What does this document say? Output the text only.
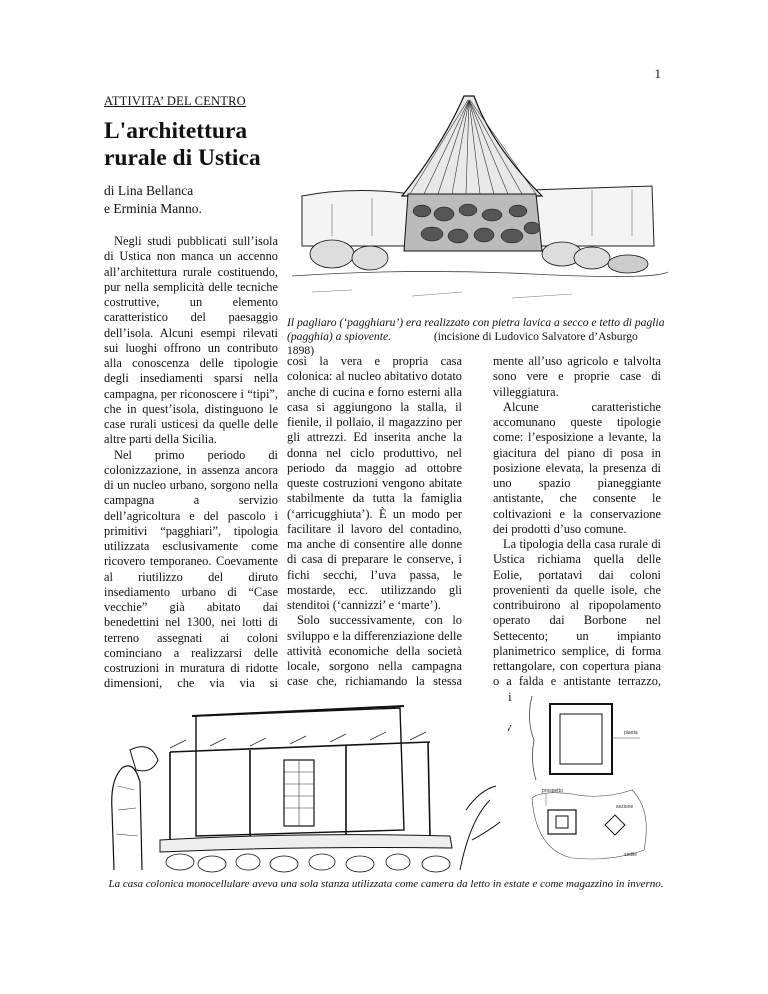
1
ATTIVITA’ DEL CENTRO
L'architettura rurale di Ustica
di Lina Bellanca
e Erminia Manno.
Il pagliaro (‘pagghiaru’) era realizzato con pietra lavica a secco e tetto di paglia (pagghia) a spiovente.	(incisione di Ludovico Salvatore d’Asburgo 1898)

Negli studi pubblicati sull’isola di Ustica non manca un accenno all’architettura rurale costituendo, pur nella semplicità delle tecniche costruttive, un elemento caratteristico del paesaggio dell’isola. Alcuni esempi rilevati sui luoghi offrono un contributo alla conoscenza delle tipologie degli insediamenti sparsi nella campagna, per riconoscere i “tipi”, che in quest’isola, distinguono le case rurali usticesi da quelle delle altre parti della Sicilia.

Nel primo periodo di colonizzazione, in assenza ancora di un nucleo urbano, sorgono nella campagna a servizio dell’agricoltura e del pascolo i primitivi “pagghiari”, tipologia utilizzata esclusivamente come ricovero temporaneo. Coevamente al riutilizzo del diruto insediamento urbano di “Case vecchie” già abitato dai benedettini nel 1300, nei lotti di terreno assegnati ai coloni cominciano a realizzarsi delle costruzioni in muratura di ridotte dimensioni, che via via si

così la vera e propria casa colonica: al nucleo abitativo dotato anche di cucina e forno esterni alla casa si aggiungono la stalla, il fienile, il pollaio, il magazzino per gli attrezzi. Ed inserita anche la donna nel ciclo produttivo, nel periodo da maggio ad ottobre queste costruzioni vengono abitate stabilmente da tutta la famiglia (‘arricugghiuta’). È un modo per facilitare il lavoro del contadino, ma anche di consentire alle donne di casa di preparare le conserve, i fichi secchi, l’uva passa, le mostarde, ecc. utilizzando gli stenditoi (‘cannizzi’ e ‘marte’).

Solo successivamente, con lo sviluppo e la differenziazione delle attività economiche della società locale, sorgono nella campagna case che, richiamando la stessa

mente all’uso agricolo e talvolta sono vere e proprie case di villeggiatura.

Alcune caratteristiche accomunano queste tipologie come: l’esposizione a levante, la giacitura del piano di posa in posizione elevata, la presenza di uno spazio pianeggiante antistante, che consente le coltivazioni e la conservazione dei prodotti d’uso comune.

La tipologia della casa rurale di Ustica richiama quella delle Eolie, portatavi dai coloni provenienti da quelle isole, che contribuirono al ripopolamento operato dai Borbone nel Settecento; un impianto planimetrico semplice, di forma rettangolare, con copertura piana o a falda e antistante terrazzo, talvolta	pianta
prospetto
sezione
sedile
La casa colonica monocellulare aveva una sola stanza utilizzata come camera da letto in estate e come magazzino in inverno.
